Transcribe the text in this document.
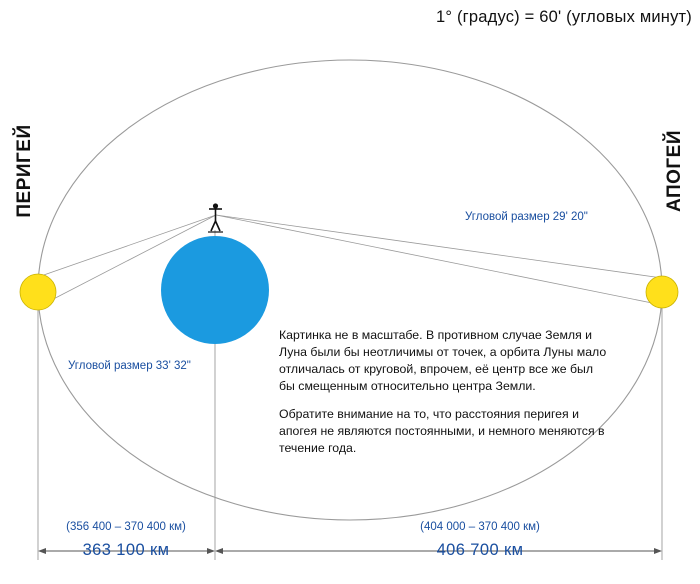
1° (градус) = 60' (угловых минут)
ПЕРИГЕЙ	АПОГЕЙ
Угловой размер 29' 20"
Угловой размер 33' 32"

Картинка не в масштабе. В противном случае Земля и Луна были бы неотличимы от точек, а орбита Луны мало отличалась от круговой, впрочем, её центр все же был бы смещенным относительно центра Земли.

Обратите внимание на то, что расстояния перигея и апогея не являются постоянными, и немного меняются в течение года.

(356 400 – 370 400 км)
363 100 км
(404 000 – 370 400 км)
406 700 км
